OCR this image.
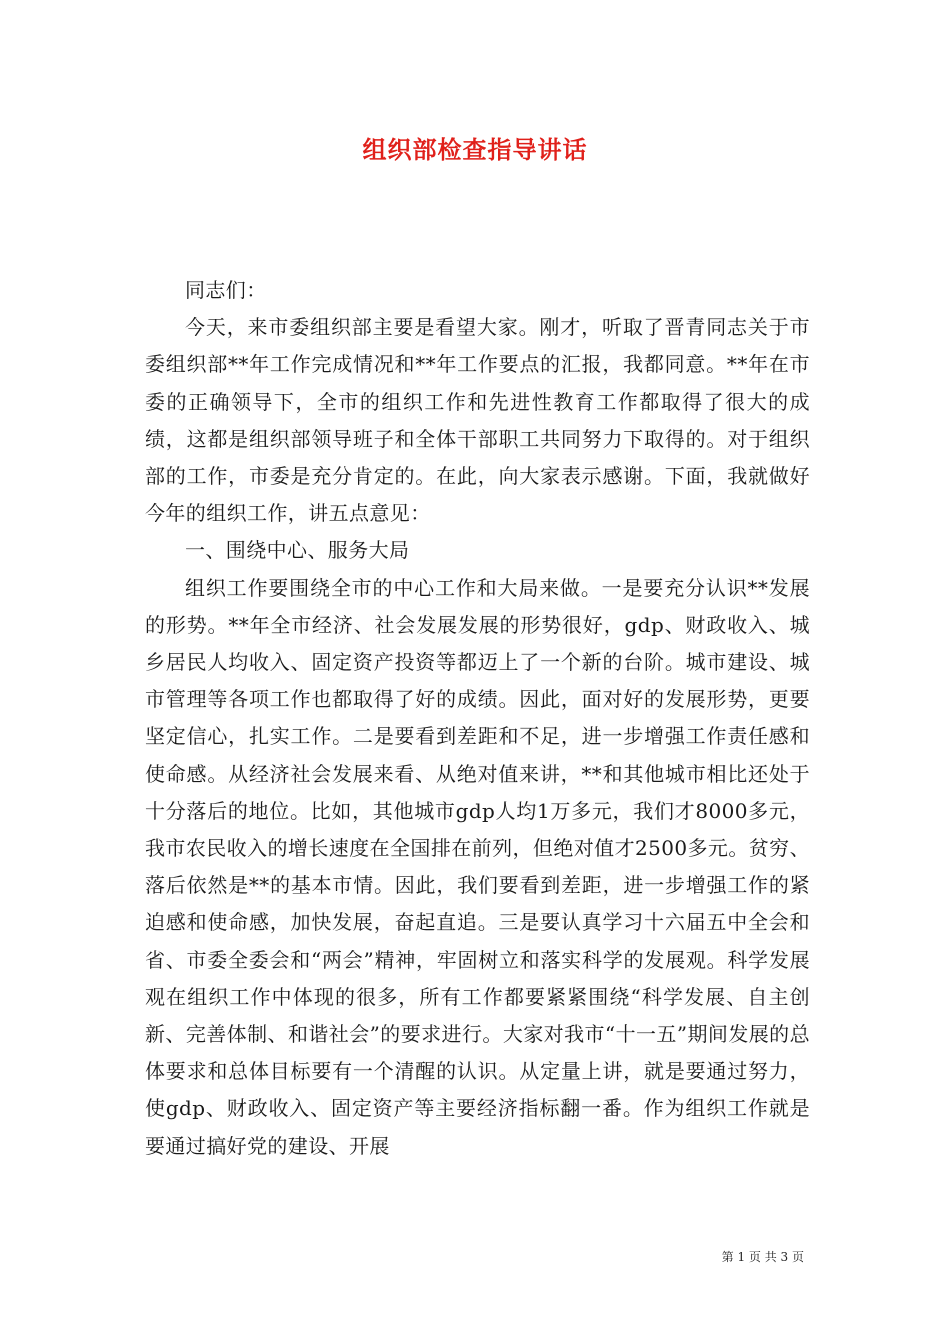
组织部检查指导讲话

同志们：

今天，来市委组织部主要是看望大家。刚才，听取了晋青同志关于市委组织部**年工作完成情况和**年工作要点的汇报，我都同意。**年在市委的正确领导下，全市的组织工作和先进性教育工作都取得了很大的成绩，这都是组织部领导班子和全体干部职工共同努力下取得的。对于组织部的工作，市委是充分肯定的。在此，向大家表示感谢。下面，我就做好今年的组织工作，讲五点意见：

一、围绕中心、服务大局

组织工作要围绕全市的中心工作和大局来做。一是要充分认识**发展的形势。**年全市经济、社会发展发展的形势很好，gdp、财政收入、城乡居民人均收入、固定资产投资等都迈上了一个新的台阶。城市建设、城市管理等各项工作也都取得了好的成绩。因此，面对好的发展形势，更要坚定信心，扎实工作。二是要看到差距和不足，进一步增强工作责任感和使命感。从经济社会发展来看、从绝对值来讲，**和其他城市相比还处于十分落后的地位。比如，其他城市gdp人均1万多元，我们才8000多元，我市农民收入的增长速度在全国排在前列，但绝对值才2500多元。贫穷、落后依然是**的基本市情。因此，我们要看到差距，进一步增强工作的紧迫感和使命感，加快发展，奋起直追。三是要认真学习十六届五中全会和省、市委全委会和“两会”精神，牢固树立和落实科学的发展观。科学发展观在组织工作中体现的很多，所有工作都要紧紧围绕“科学发展、自主创新、完善体制、和谐社会”的要求进行。大家对我市“十一五”期间发展的总体要求和总体目标要有一个清醒的认识。从定量上讲，就是要通过努力，使gdp、财政收入、固定资产等主要经济指标翻一番。作为组织工作就是要通过搞好党的建设、开展

第 1 页 共 3 页
